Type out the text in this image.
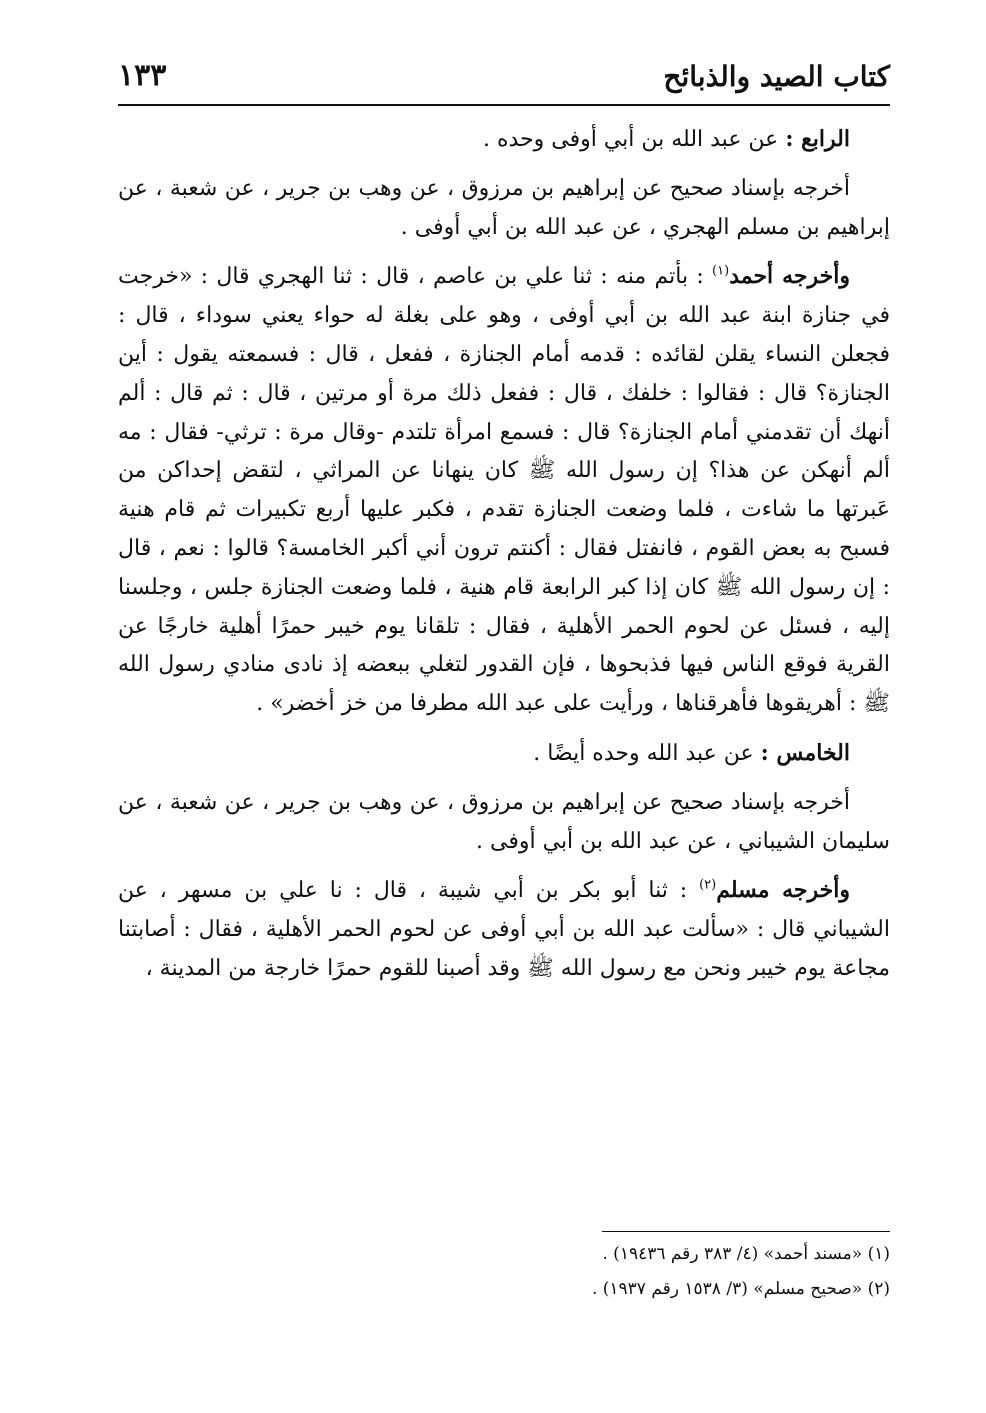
كتاب الصيد والذبائح
١٣٣

الرابع : عن عبد الله بن أبي أوفى وحده .

أخرجه بإسناد صحيح عن إبراهيم بن مرزوق ، عن وهب بن جرير ، عن شعبة ، عن إبراهيم بن مسلم الهجري ، عن عبد الله بن أبي أوفى .

وأخرجه أحمد$^{(١)}$ : بأتم منه : ثنا علي بن عاصم ، قال : ثنا الهجري قال : «خرجت في جنازة ابنة عبد الله بن أبي أوفى ، وهو على بغلة له حواء يعني سوداء ، قال : فجعلن النساء يقلن لقائده : قدمه أمام الجنازة ، ففعل ، قال : فسمعته يقول : أين الجنازة؟ قال : فقالوا : خلفك ، قال : ففعل ذلك مرة أو مرتين ، قال : ثم قال : ألم أنهك أن تقدمني أمام الجنازة؟ قال : فسمع امرأة تلتدم -وقال مرة : ترثي- فقال : مه ألم أنهكن عن هذا؟ إن رسول الله ﷺ كان ينهانا عن المراثي ، لتقض إحداكن من عَبرتها ما شاءت ، فلما وضعت الجنازة تقدم ، فكبر عليها أربع تكبيرات ثم قام هنية فسبح به بعض القوم ، فانفتل فقال : أكنتم ترون أني أكبر الخامسة؟ قالوا : نعم ، قال : إن رسول الله ﷺ كان إذا كبر الرابعة قام هنية ، فلما وضعت الجنازة جلس ، وجلسنا إليه ، فسئل عن لحوم الحمر الأهلية ، فقال : تلقانا يوم خيبر حمرًا أهلية خارجًا عن القرية فوقع الناس فيها فذبحوها ، فإن القدور لتغلي ببعضه إذ نادى منادي رسول الله ﷺ : أهريقوها فأهرقناها ، ورأيت على عبد الله مطرفا من خز أخضر» .

الخامس : عن عبد الله وحده أيضًا .

أخرجه بإسناد صحيح عن إبراهيم بن مرزوق ، عن وهب بن جرير ، عن شعبة ، عن سليمان الشيباني ، عن عبد الله بن أبي أوفى .

وأخرجه مسلم$^{(٢)}$ : ثنا أبو بكر بن أبي شيبة ، قال : نا علي بن مسهر ، عن الشيباني قال : «سألت عبد الله بن أبي أوفى عن لحوم الحمر الأهلية ، فقال : أصابتنا مجاعة يوم خيبر ونحن مع رسول الله ﷺ وقد أصبنا للقوم حمرًا خارجة من المدينة ،

(١) «مسند أحمد» (٤/ ٣٨٣ رقم ١٩٤٣٦) .
(٢) «صحيح مسلم» (٣/ ١٥٣٨ رقم ١٩٣٧) .
